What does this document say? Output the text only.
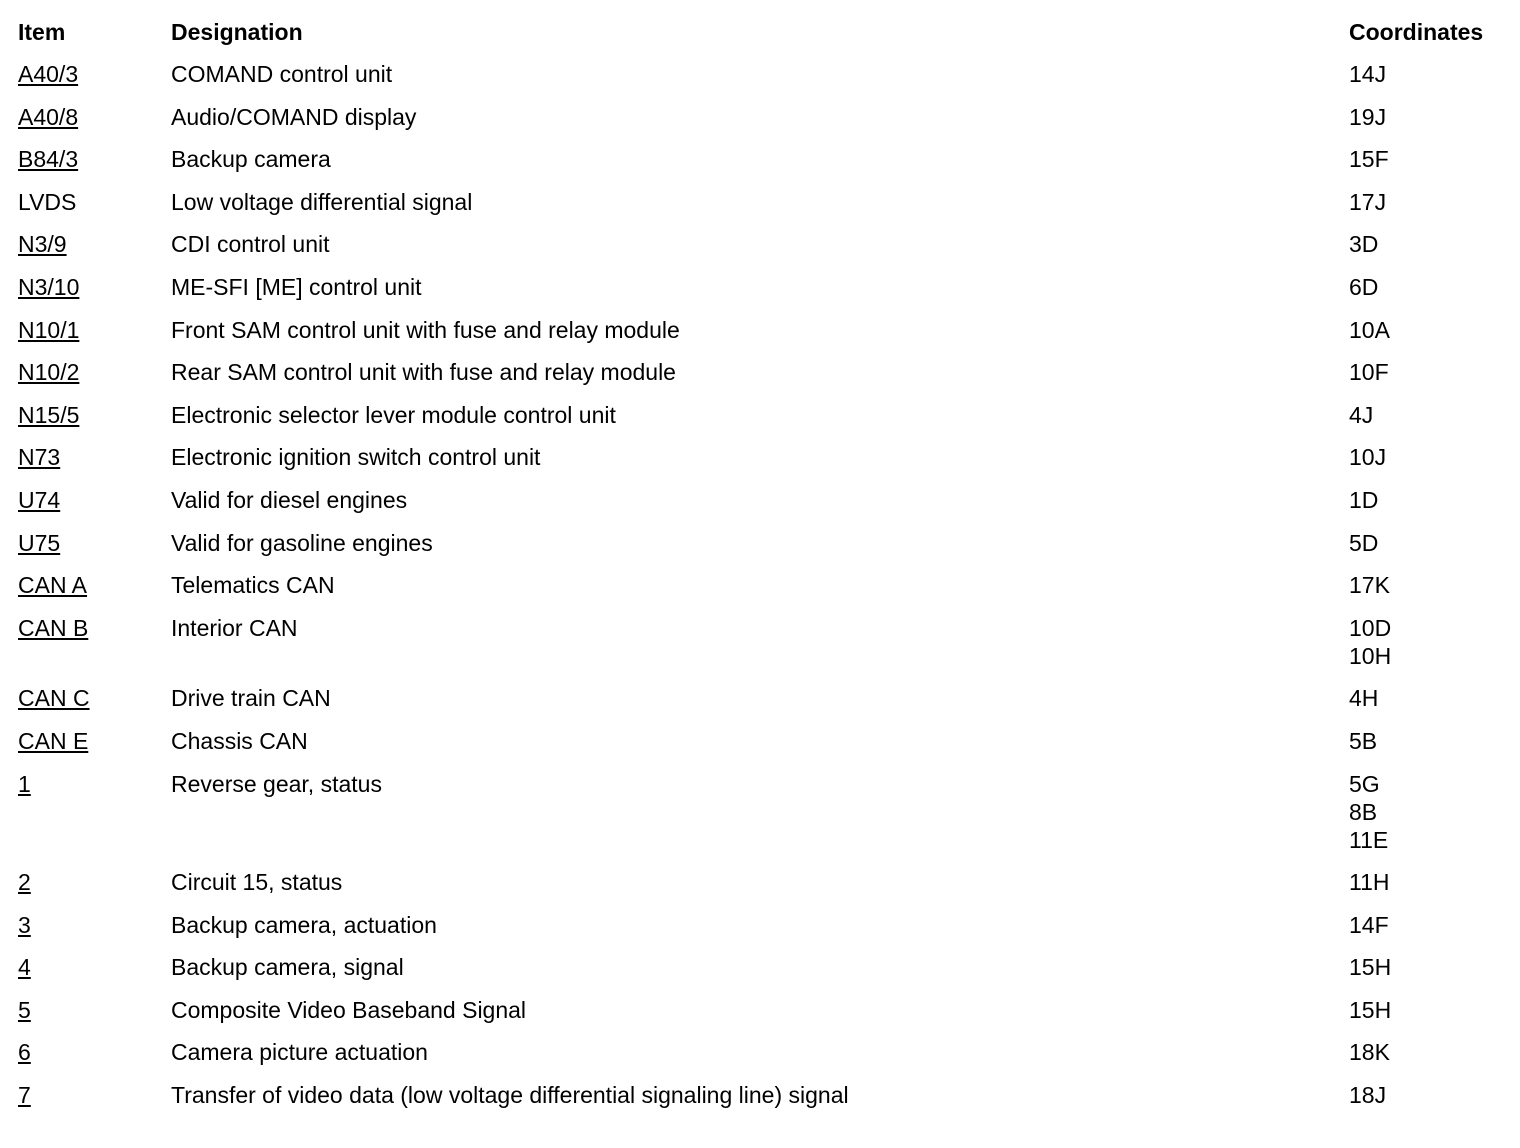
Item	Designation	Coordinates
A40/3	COMAND control unit	14J

A40/8	Audio/COMAND display	19J

B84/3	Backup camera	15F

LVDS	Low voltage differential signal	17J

N3/9	CDI control unit	3D

N3/10	ME-SFI [ME] control unit	6D

N10/1	Front SAM control unit with fuse and relay module	10A

N10/2	Rear SAM control unit with fuse and relay module	10F

N15/5	Electronic selector lever module control unit	4J

N73	Electronic ignition switch control unit	10J

U74	Valid for diesel engines	1D

U75	Valid for gasoline engines	5D

CAN A	Telematics CAN	17K

CAN B	Interior CAN	10D
10H

CAN C	Drive train CAN	4H

CAN E	Chassis CAN	5B

1	Reverse gear, status	5G
8B
11E

2	Circuit 15, status	11H

3	Backup camera, actuation	14F

4	Backup camera, signal	15H

5	Composite Video Baseband Signal	15H

6	Camera picture actuation	18K

7	Transfer of video data (low voltage differential signaling line) signal	18J
